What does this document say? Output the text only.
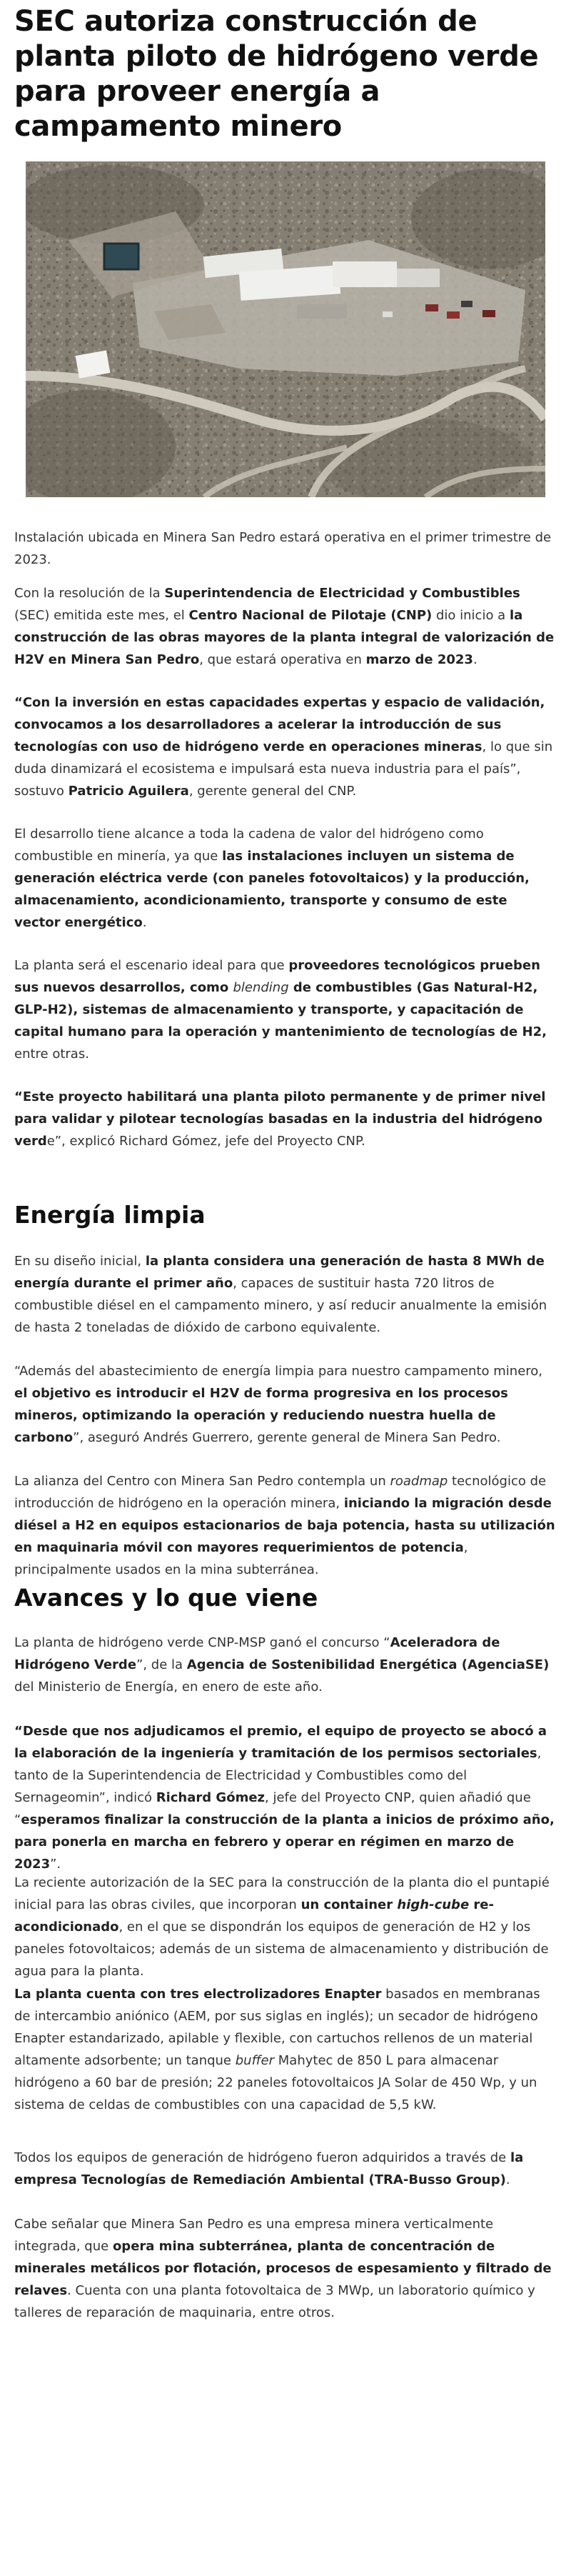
SEC autoriza construcción de planta piloto de hidrógeno verde para proveer energía a campamento minero

Instalación ubicada en Minera San Pedro estará operativa en el primer trimestre de 2023.

Con la resolución de la Superintendencia de Electricidad y Combustibles (SEC) emitida este mes, el Centro Nacional de Pilotaje (CNP) dio inicio a la construcción de las obras mayores de la planta integral de valorización de H2V en Minera San Pedro, que estará operativa en marzo de 2023.

“Con la inversión en estas capacidades expertas y espacio de validación, convocamos a los desarrolladores a acelerar la introducción de sus tecnologías con uso de hidrógeno verde en operaciones mineras, lo que sin duda dinamizará el ecosistema e impulsará esta nueva industria para el país”, sostuvo Patricio Aguilera, gerente general del CNP.

El desarrollo tiene alcance a toda la cadena de valor del hidrógeno como combustible en minería, ya que las instalaciones incluyen un sistema de generación eléctrica verde (con paneles fotovoltaicos) y la producción, almacenamiento, acondicionamiento, transporte y consumo de este vector energético.

La planta será el escenario ideal para que proveedores tecnológicos prueben sus nuevos desarrollos, como blending de combustibles (Gas Natural-H2, GLP-H2), sistemas de almacenamiento y transporte, y capacitación de capital humano para la operación y mantenimiento de tecnologías de H2, entre otras.

“Este proyecto habilitará una planta piloto permanente y de primer nivel para validar y pilotear tecnologías basadas en la industria del hidrógeno verde”, explicó Richard Gómez, jefe del Proyecto CNP.

Energía limpia

En su diseño inicial, la planta considera una generación de hasta 8 MWh de energía durante el primer año, capaces de sustituir hasta 720 litros de combustible diésel en el campamento minero, y así reducir anualmente la emisión de hasta 2 toneladas de dióxido de carbono equivalente.

“Además del abastecimiento de energía limpia para nuestro campamento minero, el objetivo es introducir el H2V de forma progresiva en los procesos mineros, optimizando la operación y reduciendo nuestra huella de carbono”, aseguró Andrés Guerrero, gerente general de Minera San Pedro.

La alianza del Centro con Minera San Pedro contempla un roadmap tecnológico de introducción de hidrógeno en la operación minera, iniciando la migración desde diésel a H2 en equipos estacionarios de baja potencia, hasta su utilización en maquinaria móvil con mayores requerimientos de potencia, principalmente usados en la mina subterránea.

Avances y lo que viene

La planta de hidrógeno verde CNP-MSP ganó el concurso “Aceleradora de Hidrógeno Verde”, de la Agencia de Sostenibilidad Energética (AgenciaSE) del Ministerio de Energía, en enero de este año.

“Desde que nos adjudicamos el premio, el equipo de proyecto se abocó a la elaboración de la ingeniería y tramitación de los permisos sectoriales, tanto de la Superintendencia de Electricidad y Combustibles como del Sernageomin”, indicó Richard Gómez, jefe del Proyecto CNP, quien añadió que “esperamos finalizar la construcción de la planta a inicios de próximo año, para ponerla en marcha en febrero y operar en régimen en marzo de 2023”.

La reciente autorización de la SEC para la construcción de la planta dio el puntapié inicial para las obras civiles, que incorporan un container high-cube re-acondicionado, en el que se dispondrán los equipos de generación de H2 y los paneles fotovoltaicos; además de un sistema de almacenamiento y distribución de agua para la planta.

La planta cuenta con tres electrolizadores Enapter basados en membranas de intercambio aniónico (AEM, por sus siglas en inglés); un secador de hidrógeno Enapter estandarizado, apilable y flexible, con cartuchos rellenos de un material altamente adsorbente; un tanque buffer Mahytec de 850 L para almacenar hidrógeno a 60 bar de presión; 22 paneles fotovoltaicos JA Solar de 450 Wp, y un sistema de celdas de combustibles con una capacidad de 5,5 kW.

Todos los equipos de generación de hidrógeno fueron adquiridos a través de la empresa Tecnologías de Remediación Ambiental (TRA-Busso Group).

Cabe señalar que Minera San Pedro es una empresa minera verticalmente integrada, que opera mina subterránea, planta de concentración de minerales metálicos por flotación, procesos de espesamiento y filtrado de relaves. Cuenta con una planta fotovoltaica de 3 MWp, un laboratorio químico y talleres de reparación de maquinaria, entre otros.
